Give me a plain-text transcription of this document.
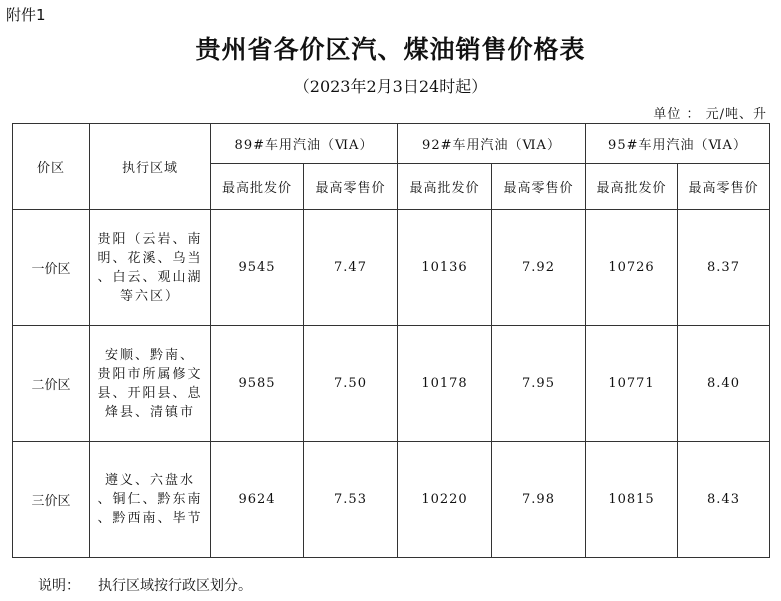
附件1
贵州省各价区汽、煤油销售价格表
（2023年2月3日24时起）
单位 ： 元/吨、升
价区	执行区域	89#车用汽油（ⅥA）		92#车用汽油（ⅥA）		95#车用汽油（ⅥA）	
		最高批发价	最高零售价	最高批发价	最高零售价	最高批发价	最高零售价
一价区	贵阳（云岩、南
明、花溪、乌当
、白云、观山湖
等六区）	9545	7.47	10136	7.92	10726	8.37
二价区	安顺、黔南、
贵阳市所属修文
县、开阳县、息
烽县、清镇市	9585	7.50	10178	7.95	10771	8.40
三价区	遵义、六盘水
、铜仁、黔东南
、黔西南、毕节	9624	7.53	10220	7.98	10815	8.43
说明： 执行区域按行政区划分。
